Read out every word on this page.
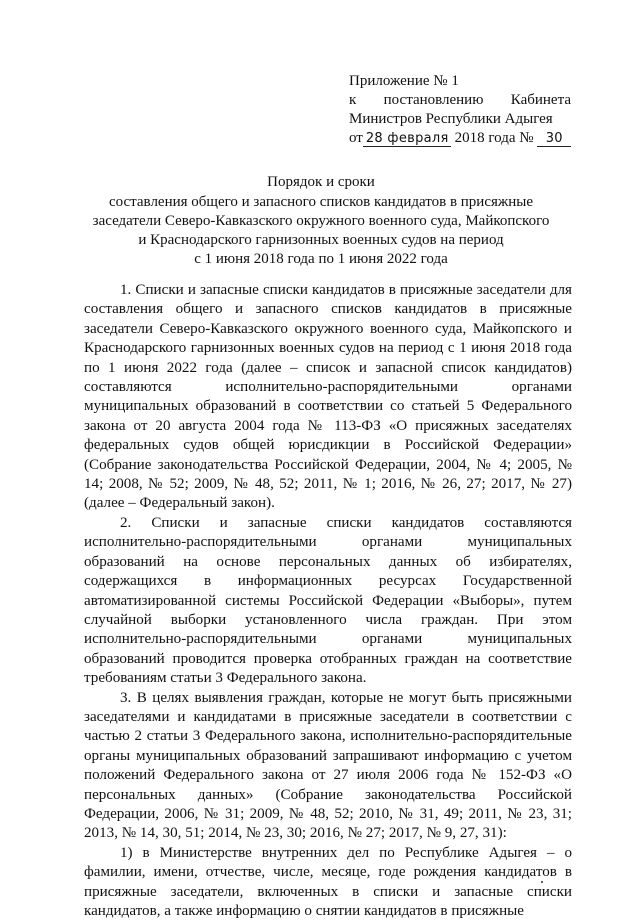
Приложение № 1
к постановлению Кабинета
Министров Республики Адыгея
от 28 февраля 2018 года № 30
Порядок и сроки
составления общего и запасного списков кандидатов в присяжные
заседатели Северо-Кавказского окружного военного суда, Майкопского
и Краснодарского гарнизонных военных судов на период
с 1 июня 2018 года по 1 июня 2022 года

1. Списки и запасные списки кандидатов в присяжные заседатели для составления общего и запасного списков кандидатов в присяжные заседатели Северо-Кавказского окружного военного суда, Майкопского и Краснодарского гарнизонных военных судов на период с 1 июня 2018 года по 1 июня 2022 года (далее – список и запасной список кандидатов) составляются исполнительно-распорядительными органами муниципальных образований в соответствии со статьей 5 Федерального закона от 20 августа 2004 года № 113-ФЗ «О присяжных заседателях федеральных судов общей юрисдикции в Российской Федерации» (Собрание законодательства Российской Федерации, 2004, № 4; 2005, № 14; 2008, № 52; 2009, № 48, 52; 2011, № 1; 2016, № 26, 27; 2017, № 27) (далее – Федеральный закон).

2. Списки и запасные списки кандидатов составляются исполнительно-распорядительными органами муниципальных образований на основе персональных данных об избирателях, содержащихся в информационных ресурсах Государственной автоматизированной системы Российской Федерации «Выборы», путем случайной выборки установленного числа граждан. При этом исполнительно-распорядительными органами муниципальных образований проводится проверка отобранных граждан на соответствие требованиям статьи 3 Федерального закона.

3. В целях выявления граждан, которые не могут быть присяжными заседателями и кандидатами в присяжные заседатели в соответствии с частью 2 статьи 3 Федерального закона, исполнительно-распорядительные органы муниципальных образований запрашивают информацию с учетом положений Федерального закона от 27 июля 2006 года № 152-ФЗ «О персональных данных» (Собрание законодательства Российской Федерации, 2006, № 31; 2009, № 48, 52; 2010, № 31, 49; 2011, № 23, 31; 2013, № 14, 30, 51; 2014, № 23, 30; 2016, № 27; 2017, № 9, 27, 31):

1) в Министерстве внутренних дел по Республике Адыгея – о фамилии, имени, отчестве, числе, месяце, годе рождения кандидатов в присяжные заседатели, включенных в списки и запасные списки кандидатов, а также информацию о снятии кандидатов в присяжные
